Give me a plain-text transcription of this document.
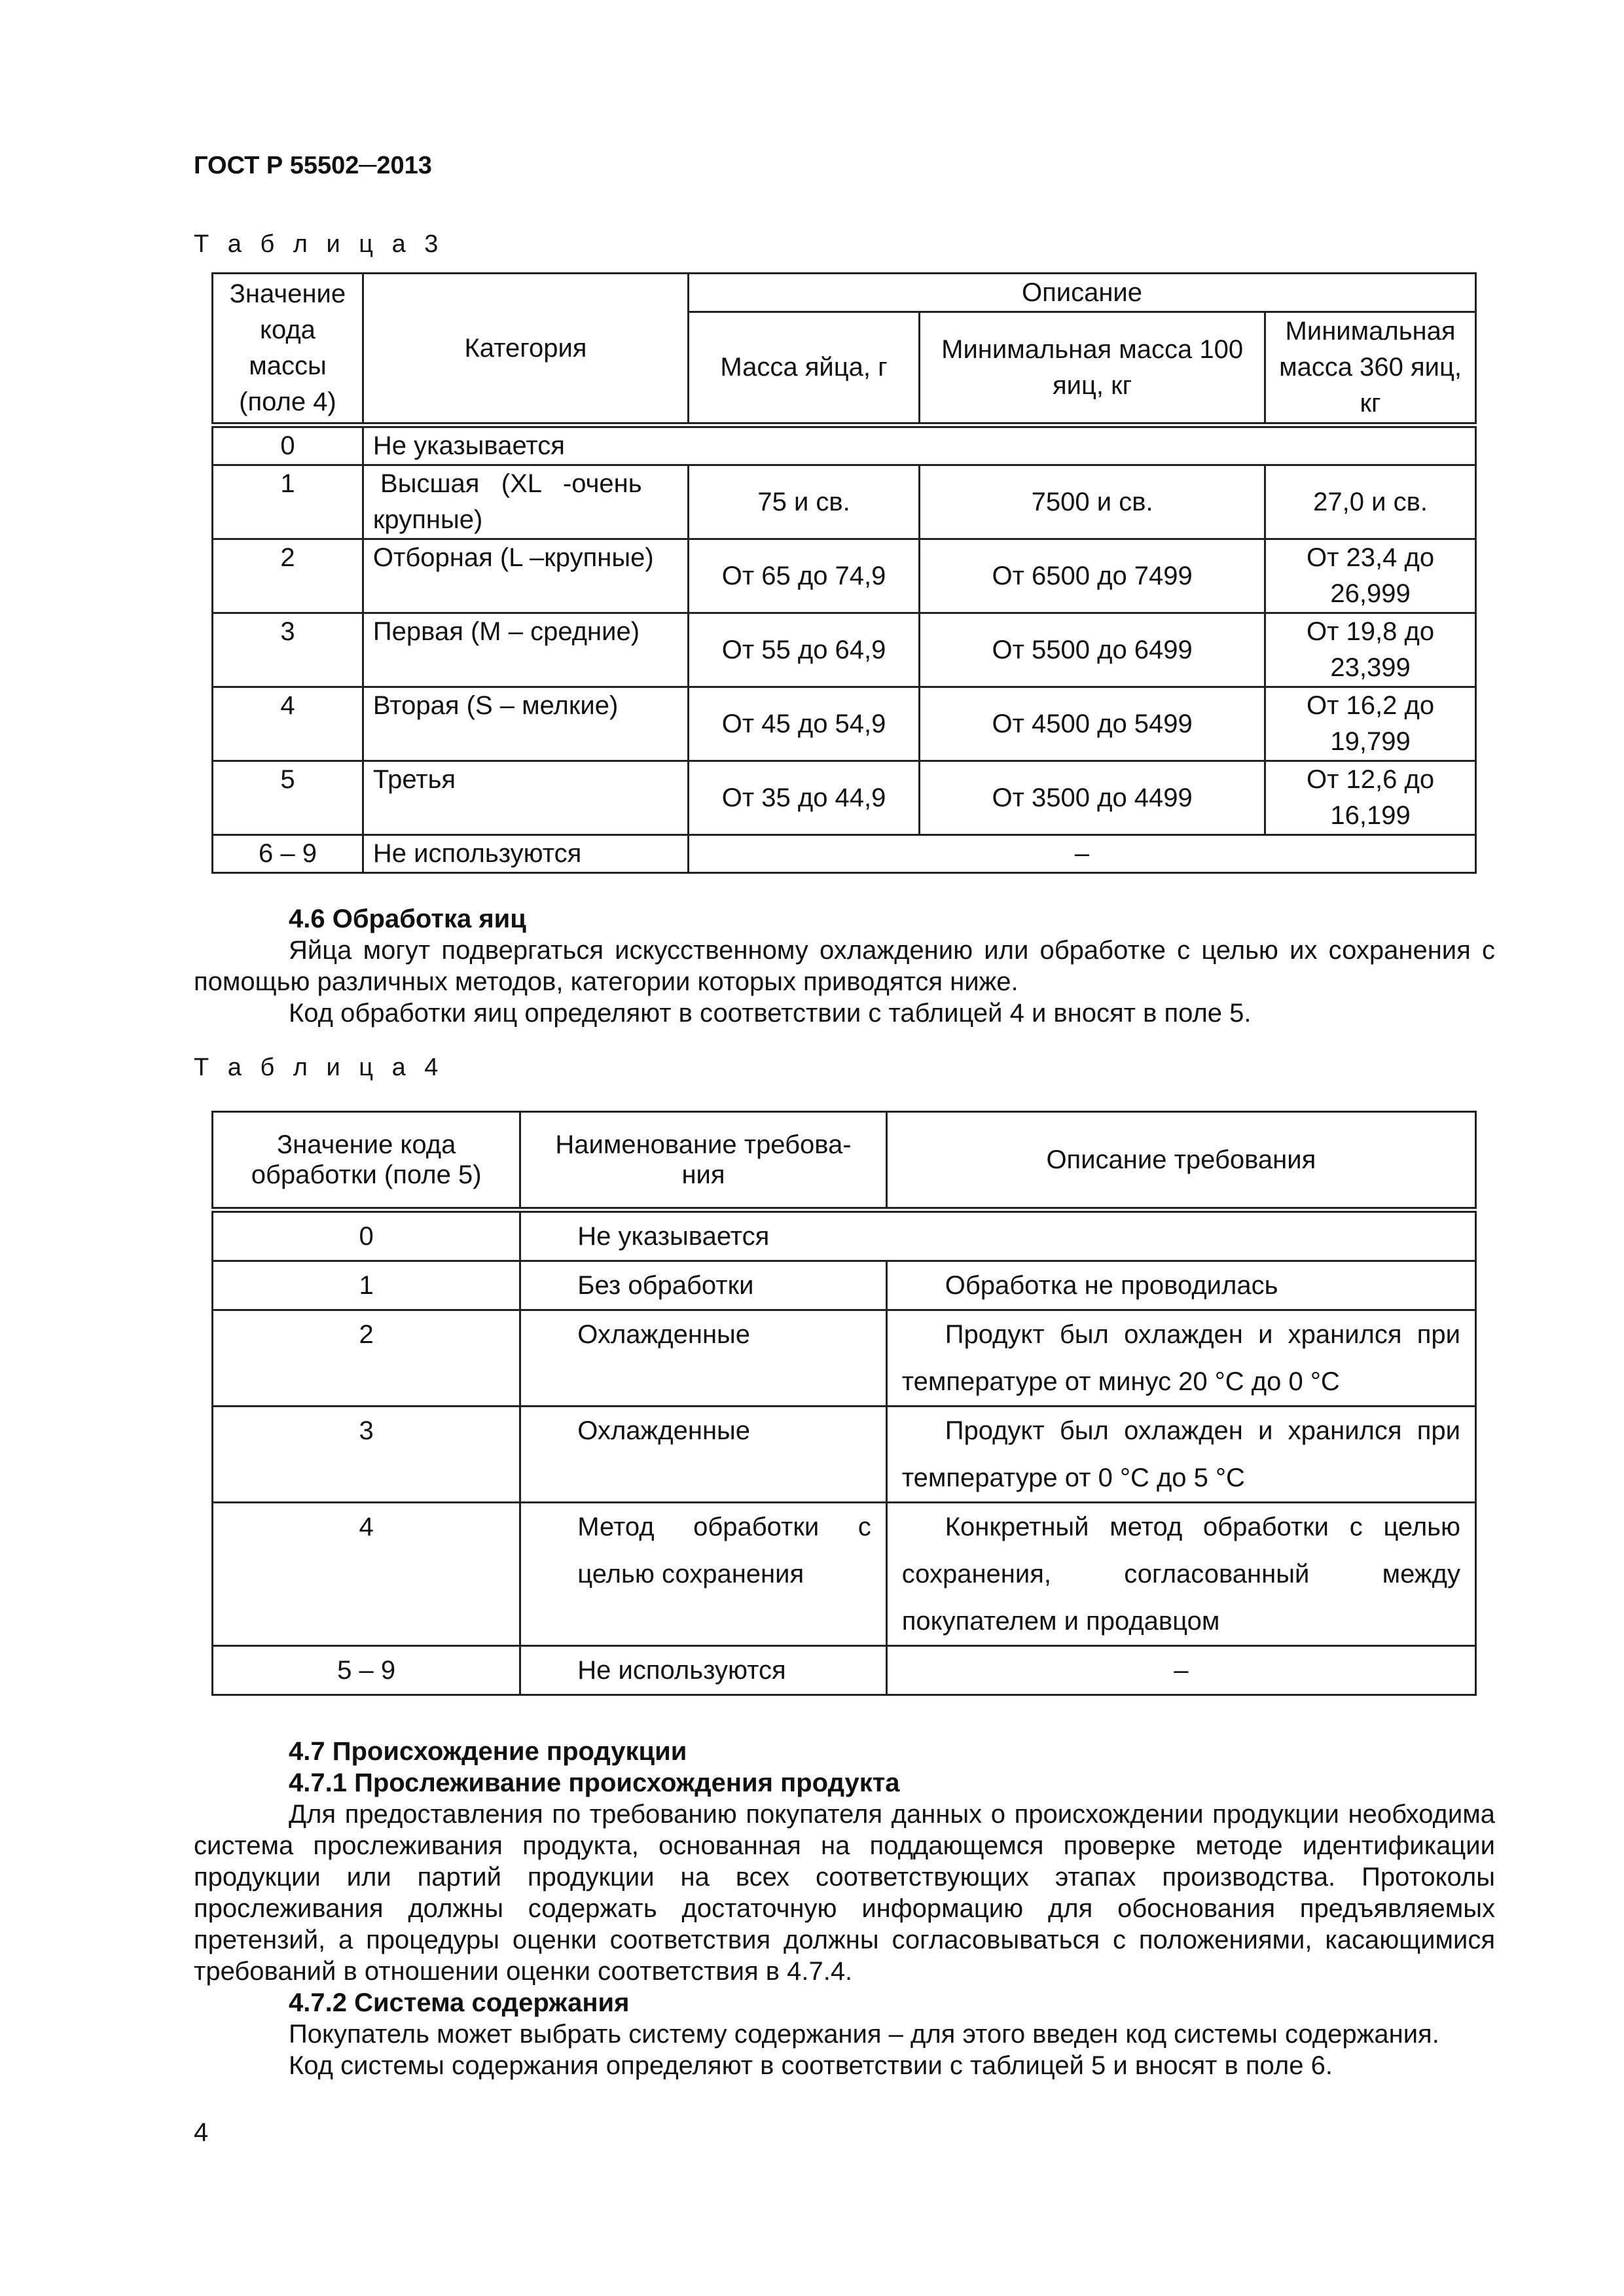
ГОСТ Р 55502─2013
Т а б л и ц а 3
Значение кода массы (поле 4)	Категория	Описание		
		Масса яйца, г	Минимальная масса 100 яиц, кг	Минимальная масса 360 яиц, кг
0	Не указывается			
1	Высшая   (XL   -очень крупные)	75 и св.	7500 и св.	27,0 и св.
2	Отборная (L –крупные)	От 65 до 74,9	От 6500 до 7499	От 23,4 до 26,999
3	Первая (M – средние)	От 55 до 64,9	От 5500 до 6499	От 19,8 до 23,399
4	Вторая (S – мелкие)	От 45 до 54,9	От 4500 до 5499	От 16,2 до 19,799
5	Третья	От 35 до 44,9	От 3500 до 4499	От 12,6 до 16,199
6 – 9	Не используются	–		

4.6 Обработка яиц

Яйца могут подвергаться искусственному охлаждению или обработке с целью их сохранения с помощью различных методов, категории которых приводятся ниже.

Код обработки яиц определяют в соответствии с таблицей 4 и вносят в поле 5.

Т а б л и ц а 4
Значение кода обработки (поле 5)	Наименование требова-ния	Описание требования
0	Не указывается	
1	Без обработки	Обработка не проводилась
2	Охлажденные	Продукт был охлажден и хранился при температуре от минус 20 °С до 0 °С
3	Охлажденные	Продукт был охлажден и хранился при температуре от 0 °С до 5 °С
4	Метод обработки с целью сохранения	Конкретный метод обработки с целью сохранения, согласованный между покупателем и продавцом
5 – 9	Не используются	–

4.7 Происхождение продукции

4.7.1 Прослеживание происхождения продукта

Для предоставления по требованию покупателя данных о происхождении продукции необходима система прослеживания продукта, основанная на поддающемся проверке методе идентификации продукции или партий продукции на всех соответствующих этапах производства. Протоколы прослеживания должны содержать достаточную информацию для обоснования предъявляемых претензий, а процедуры оценки соответствия должны согласовываться с положениями, касающимися требований в отношении оценки соответствия в 4.7.4.

4.7.2 Система содержания

Покупатель может выбрать систему содержания – для этого введен код системы содержания.

Код системы содержания определяют в соответствии с таблицей 5 и вносят в поле 6.

4
